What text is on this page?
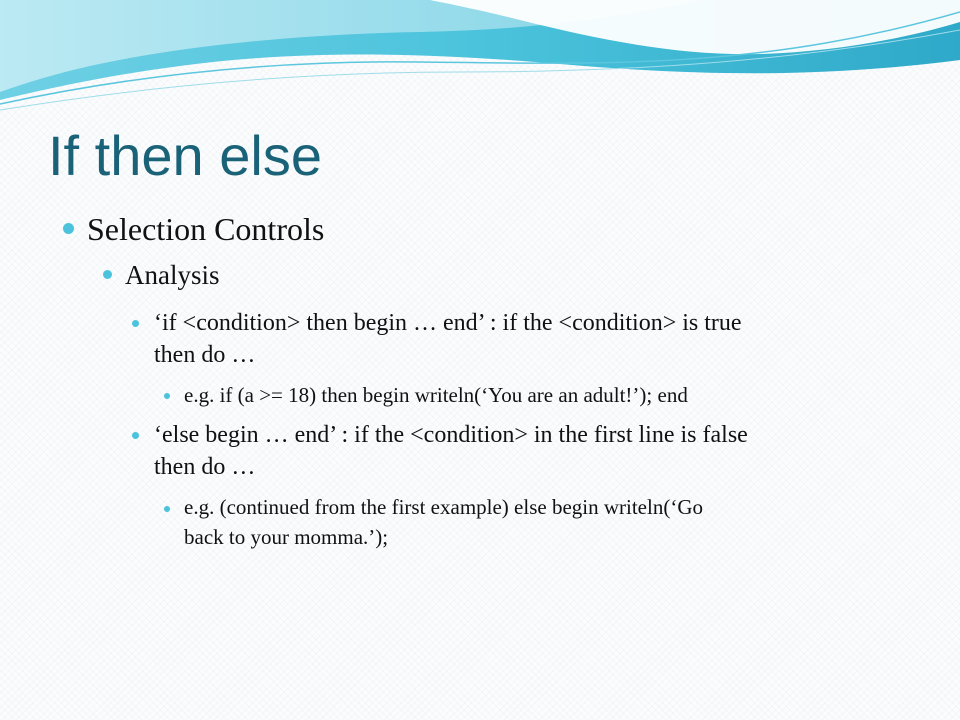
If then else
Selection Controls
Analysis
‘if <condition> then begin … end’ : if the <condition> is true
then do …
e.g. if (a >= 18) then begin writeln(‘You are an adult!’); end
‘else begin … end’ : if the <condition> in the first line is false
then do …
e.g. (continued from the first example) else begin writeln(‘Go
back to your momma.’);
